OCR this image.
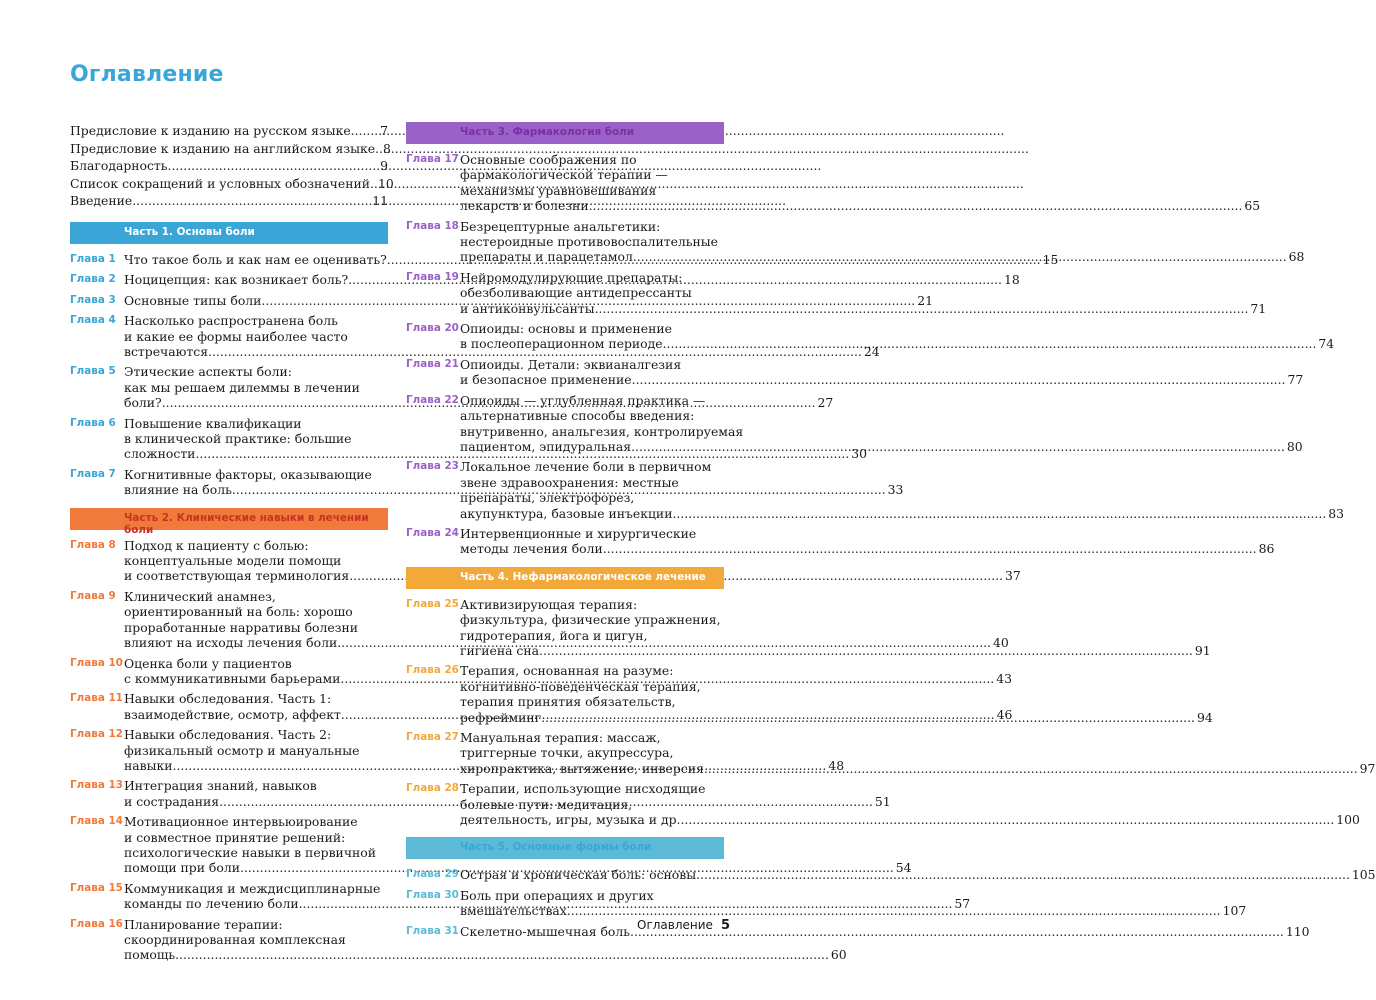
Оглавление
Предисловие к изданию на русском языке ..... 7
Предисловие к изданию на английском языке ..... 8
Благодарность .....	9
Список сокращений и условных обозначений ..... 10
Введение .....	11
Часть 1. Основы боли
Глава 1 Что такое боль и как нам ее оценивать? .....	15
Глава 2 Ноцицепция: как возникает боль? .....	18
Глава 3 Основные типы боли .....	21
Глава 4 Насколько распространена боль
и какие ее формы наиболее часто
встречаются .....	24
Глава 5 Этические аспекты боли:
как мы решаем дилеммы в лечении
боли? .....	27
Глава 6 Повышение квалификации
в клинической практике: большие
сложности .....	30
Глава 7 Когнитивные факторы, оказывающие
влияние на боль .....	33
Часть 2. Клинические навыки в лечении боли
Глава 8 Подход к пациенту с болью:
концептуальные модели помощи
и соответствующая терминология .....	37
Глава 9 Клинический анамнез,
ориентированный на боль: хорошо
проработанные нарративы болезни
влияют на исходы лечения боли .....	40
Глава 10 Оценка боли у пациентов
с коммуникативными барьерами .....	43
Глава 11 Навыки обследования. Часть 1:
взаимодействие, осмотр, аффект .....	46
Глава 12 Навыки обследования. Часть 2:
физикальный осмотр и мануальные
навыки .....	48
Глава 13 Интеграция знаний, навыков
и сострадания .....	51
Глава 14 Мотивационное интервьюирование
и совместное принятие решений:
психологические навыки в первичной
помощи при боли .....	54
Глава 15 Коммуникация и междисциплинарные
команды по лечению боли .....	57
Глава 16 Планирование терапии:
скоординированная комплексная
помощь .....	60
Часть 3. Фармакология боли
Глава 17 Основные соображения по
фармакологической терапии —
механизмы уравновешивания
лекарств и болезни .....	65
Глава 18 Безрецептурные анальгетики:
нестероидные противовоспалительные
препараты и парацетамол .....	68
Глава 19 Нейромодулирующие препараты:
обезболивающие антидепрессанты
и антиконвульсанты .....	71
Глава 20 Опиоиды: основы и применение
в послеоперационном периоде .....	74
Глава 21 Опиоиды. Детали: эквианалгезия
и безопасное применение .....	77
Глава 22 Опиоиды — углубленная практика —
альтернативные способы введения:
внутривенно, анальгезия, контролируемая
пациентом, эпидуральная .....	80
Глава 23 Локальное лечение боли в первичном
звене здравоохранения: местные
препараты, электрофорез,
акупунктура, базовые инъекции .....	83
Глава 24 Интервенционные и хирургические
методы лечения боли .....	86
Часть 4. Нефармакологическое лечение
Глава 25 Активизирующая терапия:
физкультура, физические упражнения,
гидротерапия, йога и цигун,
гигиена сна .....	91
Глава 26 Терапия, основанная на разуме:
когнитивно-поведенческая терапия,
терапия принятия обязательств,
рефрейминг .....	94
Глава 27 Мануальная терапия: массаж,
триггерные точки, акупрессура,
хиропрактика, вытяжение, инверсия .....	97
Глава 28 Терапии, использующие нисходящие
болевые пути: медитация,
деятельность, игры, музыка и др. .....	100
Часть 5. Основные формы боли
Глава 29 Острая и хроническая боль: основы .....	105
Глава 30 Боль при операциях и других
вмешательствах .....	107
Глава 31 Скелетно-мышечная боль .....	110
Оглавление 5
